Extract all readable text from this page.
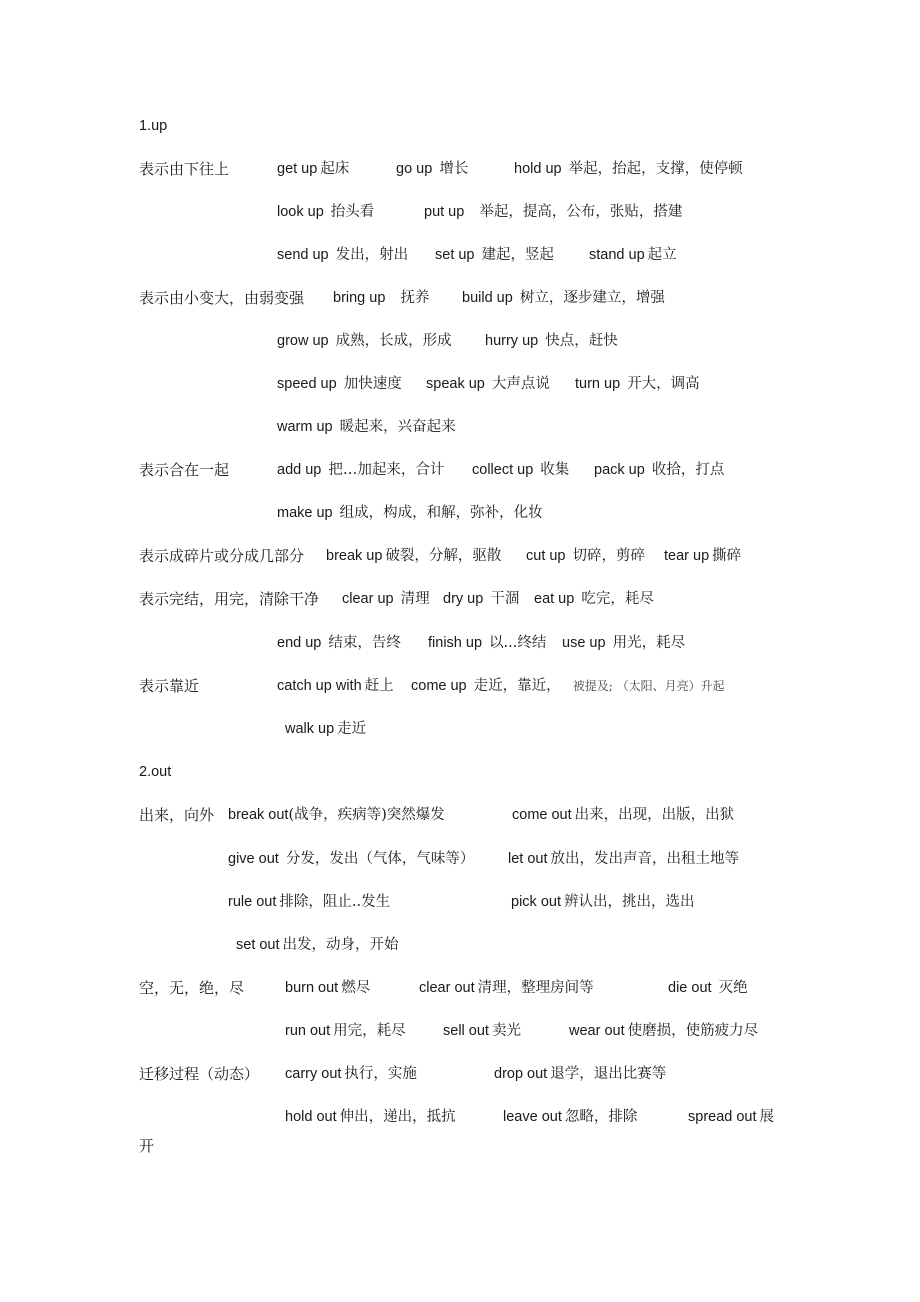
1.up
表示由下往上	get up 起床	go up 增长	hold up 举起，抬起，支撑，使停顿
look up 抬头看	put up 举起，提高，公布，张贴，搭建
send up 发出，射出 set up 建起，竖起 stand up 起立
表示由小变大，由弱变强 bring up 抚养 build up 树立，逐步建立，增强
grow up 成熟，长成，形成 hurry up 快点，赶快
speed up 加快速度 speak up 大声点说 turn up 开大，调高
warm up 暖起来，兴奋起来
表示合在一起	add up 把…加起来，合计 collect up 收集 pack up 收拾，打点
make up 组成，构成，和解，弥补，化妆
表示成碎片或分成几部分 break up 破裂，分解，驱散 cut up 切碎，剪碎 tear up 撕碎
表示完结，用完，清除干净 clear up 清理 dry up 干涸 eat up 吃完，耗尽
end up 结束，告终 finish up 以...终结 use up 用光，耗尽
表示靠近	catch up with 赶上 come up 走近，靠近， 被提及; （太阳、月亮）升起
walk up 走近
2.out
出来，向外 break out(战争，疾病等)突然爆发	come out 出来，出现，出版，出狱
give out 分发，发出（气体，气味等） let out 放出，发出声音，出租土地等
rule out 排除，阻止..发生	pick out 辨认出，挑出，选出
set out 出发，动身，开始
空，无，绝，尽	burn out 燃尽	clear out 清理，整理房间等	die out 灭绝
run out 用完，耗尽	sell out 卖光	wear out 使磨损，使筋疲力尽
迁移过程（动态） carry out 执行，实施	drop out 退学，退出比赛等
hold out 伸出，递出，抵抗	leave out 忽略，排除	spread out 展
开
